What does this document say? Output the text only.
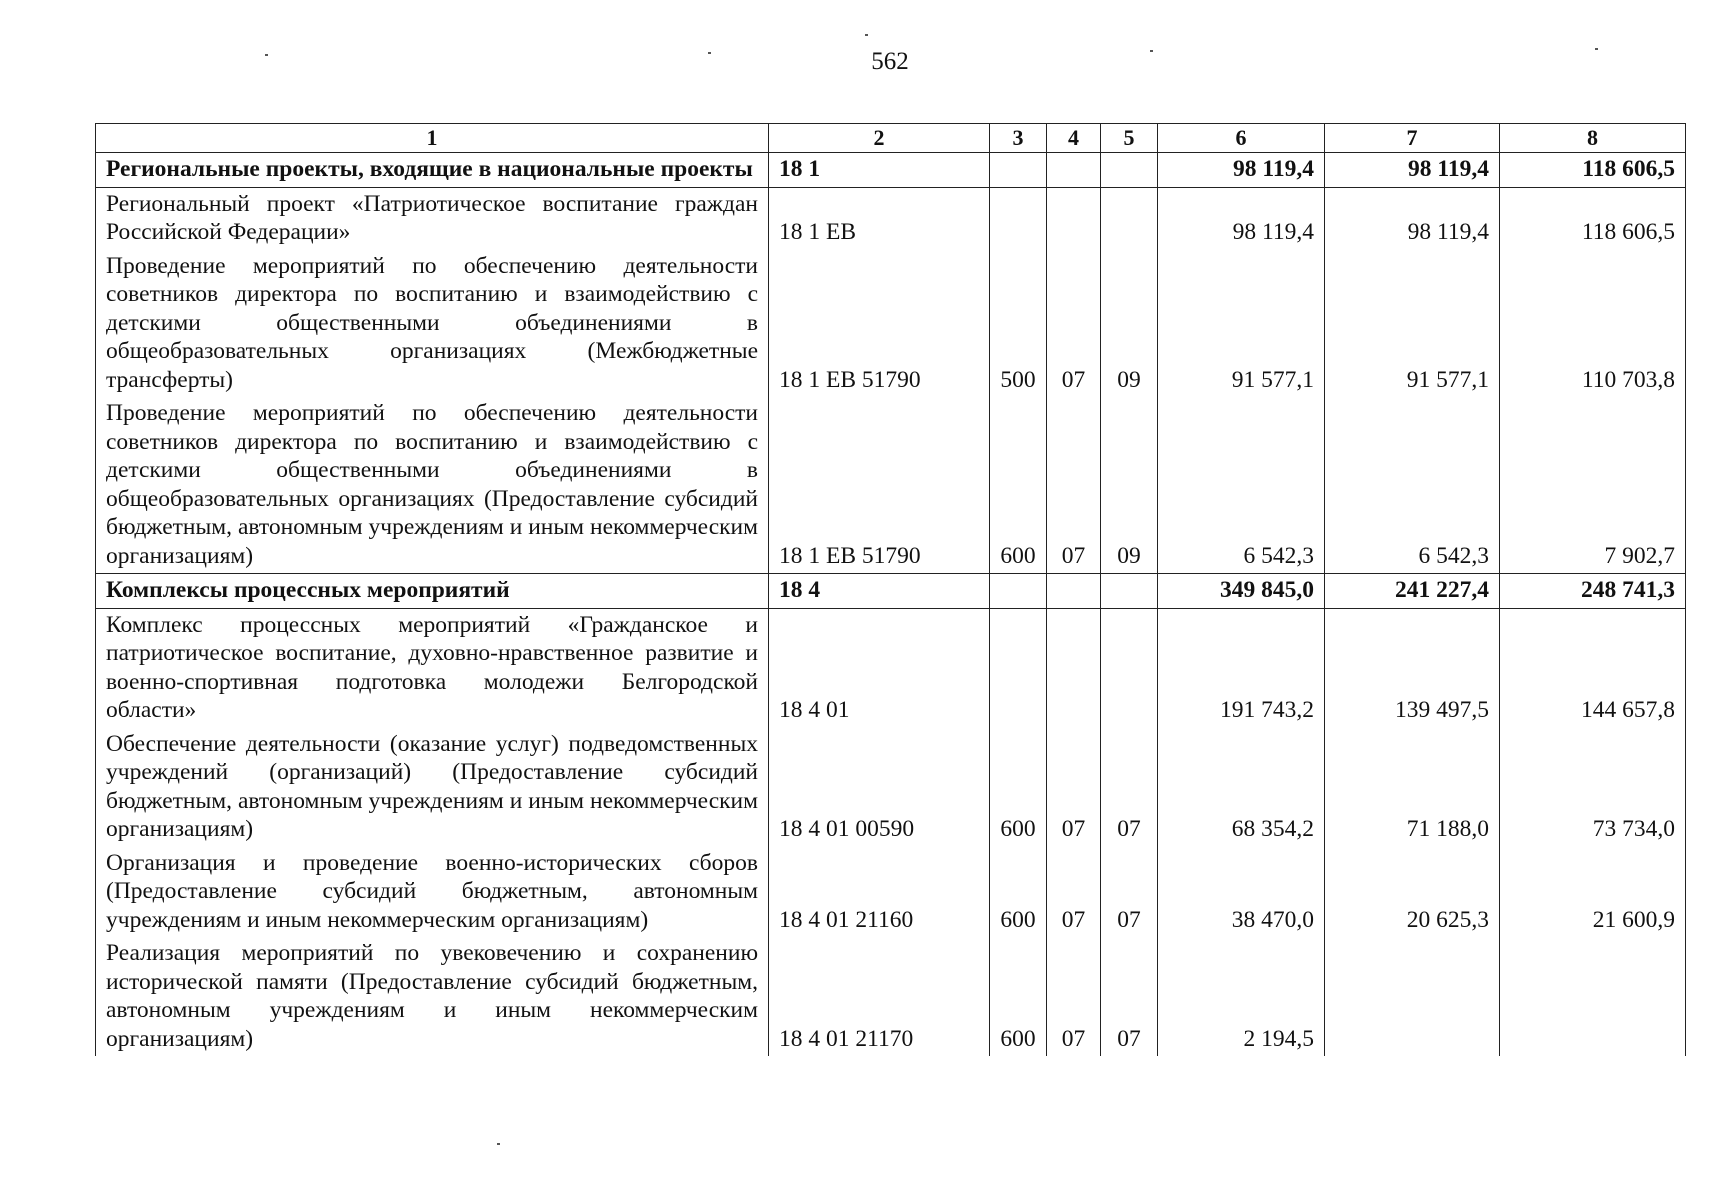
562
1	2	3	4	5	6	7	8
Региональные проекты, входящие в национальные проекты	18 1				98 119,4	98 119,4	118 606,5
Региональный проект «Патриотическое воспитание граждан Российской Федерации»	18 1 ЕВ				98 119,4	98 119,4	118 606,5
Проведение мероприятий по обеспечению деятельности советников директора по воспитанию и взаимодействию с детскими общественными объединениями в общеобразовательных организациях (Межбюджетные трансферты)	18 1 ЕВ 51790	500	07	09	91 577,1	91 577,1	110 703,8
Проведение мероприятий по обеспечению деятельности советников директора по воспитанию и взаимодействию с детскими общественными объединениями в общеобразовательных организациях (Предоставление субсидий бюджетным, автономным учреждениям и иным некоммерческим организациям)	18 1 ЕВ 51790	600	07	09	6 542,3	6 542,3	7 902,7
Комплексы процессных мероприятий	18 4				349 845,0	241 227,4	248 741,3
Комплекс процессных мероприятий «Гражданское и патриотическое воспитание, духовно-нравственное развитие и военно-спортивная подготовка молодежи Белгородской области»	18 4 01				191 743,2	139 497,5	144 657,8
Обеспечение деятельности (оказание услуг) подведомственных учреждений (организаций) (Предоставление субсидий бюджетным, автономным учреждениям и иным некоммерческим организациям)	18 4 01 00590	600	07	07	68 354,2	71 188,0	73 734,0
Организация и проведение военно-исторических сборов (Предоставление субсидий бюджетным, автономным учреждениям и иным некоммерческим организациям)	18 4 01 21160	600	07	07	38 470,0	20 625,3	21 600,9
Реализация мероприятий по увековечению и сохранению исторической памяти (Предоставление субсидий бюджетным, автономным учреждениям и иным некоммерческим организациям)	18 4 01 21170	600	07	07	2 194,5		
